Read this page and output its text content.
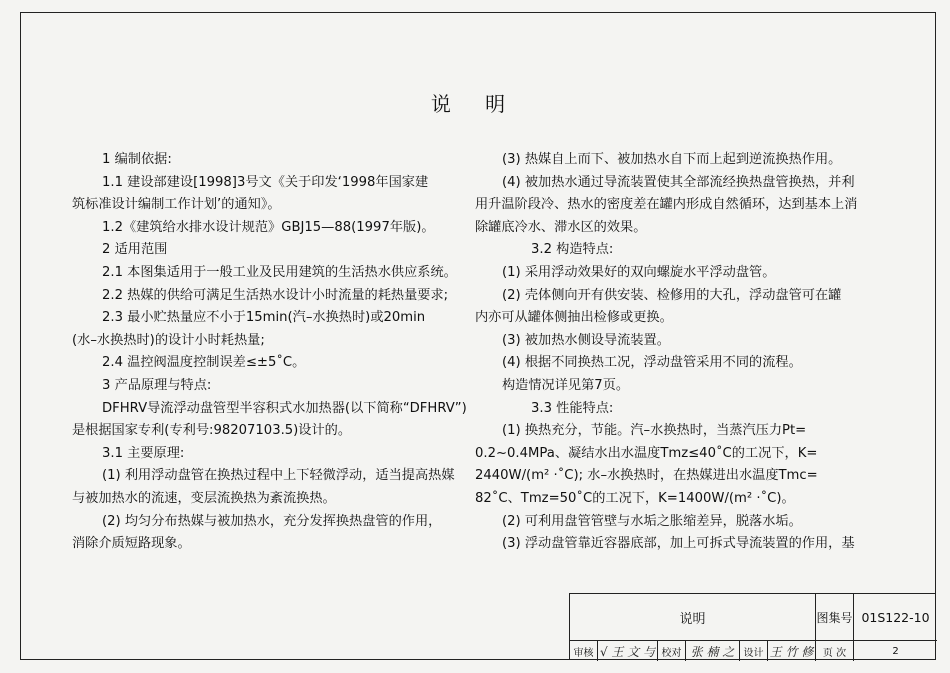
说 明

1 编制依据:

1.1 建设部建设[1998]3号文《关于印发‘1998年国家建

筑标准设计编制工作计划’的通知》。

1.2《建筑给水排水设计规范》GBJ15—88(1997年版)。

2 适用范围

2.1 本图集适用于一般工业及民用建筑的生活热水供应系统。

2.2 热媒的供给可满足生活热水设计小时流量的耗热量要求;

2.3 最小贮热量应不小于15min(汽–水换热时)或20min

(水–水换热时)的设计小时耗热量;

2.4 温控阀温度控制误差≤±5˚C。

3 产品原理与特点:

DFHRV导流浮动盘管型半容积式水加热器(以下简称“DFHRV”)

是根据国家专利(专利号:98207103.5)设计的。

3.1 主要原理:

(1) 利用浮动盘管在换热过程中上下轻微浮动，适当提高热媒

与被加热水的流速，变层流换热为紊流换热。

(2) 均匀分布热媒与被加热水，充分发挥换热盘管的作用，

消除介质短路现象。

(3) 热媒自上而下、被加热水自下而上起到逆流换热作用。

(4) 被加热水通过导流装置使其全部流经换热盘管换热，并利

用升温阶段冷、热水的密度差在罐内形成自然循环，达到基本上消

除罐底冷水、滞水区的效果。

3.2 构造特点:

(1) 采用浮动效果好的双向螺旋水平浮动盘管。

(2) 壳体侧向开有供安装、检修用的大孔，浮动盘管可在罐

内亦可从罐体侧抽出检修或更换。

(3) 被加热水侧设导流装置。

(4) 根据不同换热工况，浮动盘管采用不同的流程。

构造情况详见第7页。

3.3 性能特点:

(1) 换热充分，节能。汽–水换热时，当蒸汽压力Pt=

0.2~0.4MPa、凝结水出水温度Tmz≤40˚C的工况下，K=

2440W/(m² ·˚C); 水–水换热时，在热媒进出水温度Tmc=

82˚C、Tmz=50˚C的工况下，K=1400W/(m² ·˚C)。

(2) 可利用盘管管壁与水垢之胀缩差异，脱落水垢。

(3) 浮动盘管靠近容器底部，加上可拆式导流装置的作用，基

说明	图集号 01S122-10
审核 √ 王 文 与 校对 张 楠 之 设计 王 竹 修 页 次	2
